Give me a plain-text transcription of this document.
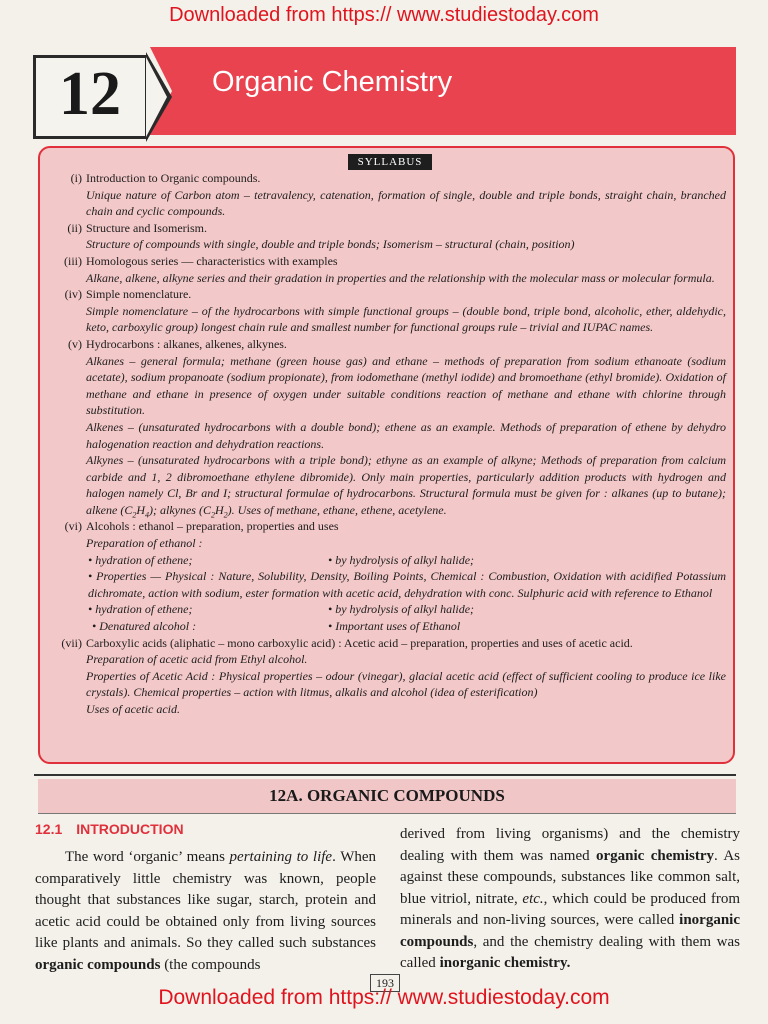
Downloaded from https:// www.studiestoday.com
Organic Chemistry
12
SYLLABUS
(i) Introduction to Organic compounds.
Unique nature of Carbon atom – tetravalency, catenation, formation of single, double and triple bonds, straight chain, branched chain and cyclic compounds.
(ii) Structure and Isomerism.
Structure of compounds with single, double and triple bonds; Isomerism – structural (chain, position)
(iii) Homologous series — characteristics with examples
Alkane, alkene, alkyne series and their gradation in properties and the relationship with the molecular mass or molecular formula.
(iv) Simple nomenclature.
Simple nomenclature – of the hydrocarbons with simple functional groups – (double bond, triple bond, alcoholic, ether, aldehydic, keto, carboxylic group) longest chain rule and smallest number for functional groups rule – trivial and IUPAC names.
(v) Hydrocarbons : alkanes, alkenes, alkynes.
Alkanes – general formula; methane (green house gas) and ethane – methods of preparation from sodium ethanoate (sodium acetate), sodium propanoate (sodium propionate), from iodomethane (methyl iodide) and bromoethane (ethyl bromide). Oxidation of methane and ethane in presence of oxygen under suitable conditions reaction of methane and ethane with chlorine through substitution.
Alkenes – (unsaturated hydrocarbons with a double bond); ethene as an example. Methods of preparation of ethene by dehydro halogenation reaction and dehydration reactions.
Alkynes – (unsaturated hydrocarbons with a triple bond); ethyne as an example of alkyne; Methods of preparation from calcium carbide and 1, 2 dibromoethane ethylene dibromide). Only main properties, particularly addition products with hydrogen and halogen namely Cl, Br and I; structural formulae of hydrocarbons. Structural formula must be given for : alkanes (up to butane); alkene $(C_2H_4)$; alkynes $(C_2H_2)$. Uses of methane, ethane, ethene, acetylene.
(vi) Alcohols : ethanol – preparation, properties and uses
Preparation of ethanol :
• hydration of ethene;	• by hydrolysis of alkyl halide;
• Properties — Physical : Nature, Solubility, Density, Boiling Points, Chemical : Combustion, Oxidation with acidified Potassium dichromate, action with sodium, ester formation with acetic acid, dehydration with conc. Sulphuric acid with reference to Ethanol
• hydration of ethene;	• by hydrolysis of alkyl halide;
• Denatured alcohol :	• Important uses of Ethanol
(vii) Carboxylic acids (aliphatic – mono carboxylic acid) : Acetic acid – preparation, properties and uses of acetic acid.
Preparation of acetic acid from Ethyl alcohol.
Properties of Acetic Acid : Physical properties – odour (vinegar), glacial acetic acid (effect of sufficient cooling to produce ice like crystals). Chemical properties – action with litmus, alkalis and alcohol (idea of esterification)
Uses of acetic acid.
12A. ORGANIC COMPOUNDS
12.1 INTRODUCTION
The word ‘organic’ means pertaining to life. When comparatively little chemistry was known, people thought that substances like sugar, starch, protein and acetic acid could be obtained only from living sources like plants and animals. So they called such substances organic compounds (the compounds
derived from living organisms) and the chemistry dealing with them was named organic chemistry. As against these compounds, substances like common salt, blue vitriol, nitrate, etc., which could be produced from minerals and non-living sources, were called inorganic compounds, and the chemistry dealing with them was called inorganic chemistry.
193
Downloaded from https:// www.studiestoday.com
